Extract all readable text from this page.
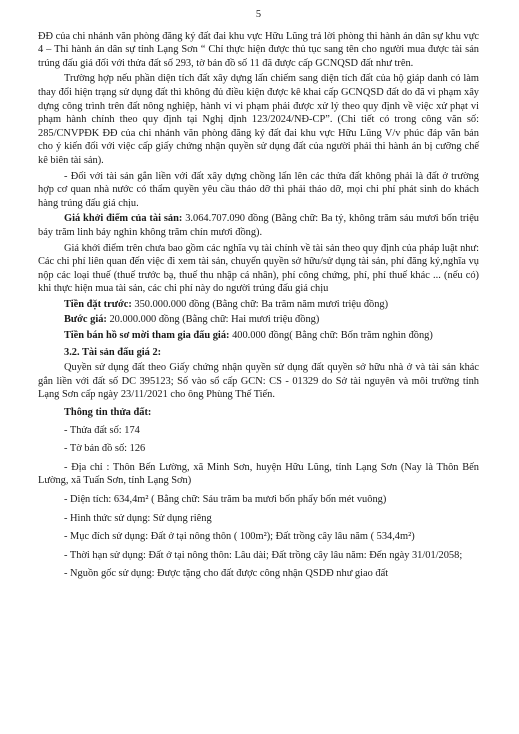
5

ĐĐ của chi nhánh văn phòng đăng ký đất đai khu vực Hữu Lũng trả lời phòng thi hành án dân sự khu vực 4 – Thi hành án dân sự tỉnh Lạng Sơn “ Chỉ thực hiện được thủ tục sang tên cho người mua được tài sản trúng đấu giá đối với thửa đất số 293, tờ bản đồ số 11 đã được cấp GCNQSD đất như trên.

Trường hợp nếu phần diện tích đất xây dựng lấn chiếm sang diện tích đất của hộ giáp danh có làm thay đổi hiện trạng sử dụng đất thì không đủ điều kiện được kê khai cấp GCNQSD đất do đã vi phạm xây dựng công trình trên đất nông nghiệp, hành vi vi phạm phải được xử lý theo quy định về việc xử phạt vi phạm hành chính theo quy định tại Nghị định 123/2024/NĐ-CP”. (Chi tiết có trong công văn số: 285/CNVPĐK ĐĐ của chi nhánh văn phòng đăng ký đất đai khu vực Hữu Lũng V/v phúc đáp văn bản cho ý kiến đối với việc cấp giấy chứng nhận quyền sử dụng đất của người phải thi hành án bị cưỡng chế kê biên tài sản).

- Đối với tài sản gắn liền với đất xây dựng chồng lấn lên các thửa đất không phải là đất ở trường hợp cơ quan nhà nước có thẩm quyền yêu cầu tháo dỡ thì phải tháo dỡ, mọi chi phí phát sinh do khách hàng trúng đấu giá chịu.

Giá khởi điểm của tài sản: 3.064.707.090 đồng (Bằng chữ: Ba tỷ, không trăm sáu mươi bốn triệu bảy trăm linh bảy nghìn không trăm chín mươi đồng).

Giá khởi điểm trên chưa bao gồm các nghĩa vụ tài chính về tài sản theo quy định của pháp luật như: Các chi phí liên quan đến việc đi xem tài sản, chuyển quyền sở hữu/sử dụng tài sản, phí đăng ký,nghĩa vụ nộp các loại thuế (thuế trước bạ, thuế thu nhập cá nhân), phí công chứng, phí, phí thuế khác ... (nếu có) khi thực hiện mua tài sản, các chi phí này do người trúng đấu giá chịu

Tiền đặt trước: 350.000.000 đồng (Bằng chữ: Ba trăm năm mươi triệu đồng)

Bước giá: 20.000.000 đồng (Bằng chữ: Hai mươi triệu đồng)

Tiền bán hồ sơ mời tham gia đấu giá: 400.000 đồng( Bằng chữ: Bốn trăm nghìn đồng)

3.2. Tài sản đấu giá 2:

Quyền sử dụng đất theo Giấy chứng nhận quyền sử dụng đất quyền sở hữu nhà ở và tài sản khác gắn liền với đất số DC 395123; Số vào sổ cấp GCN: CS - 01329 do Sở tài nguyên và môi trường tỉnh Lạng Sơn cấp ngày 23/11/2021 cho ông Phùng Thế Tiến.

Thông tin thửa đất:

- Thửa đất số: 174

- Tờ bản đồ số: 126

- Địa chỉ : Thôn Bến Lường, xã Minh Sơn, huyện Hữu Lũng, tỉnh Lạng Sơn (Nay là Thôn Bến Lường, xã Tuấn Sơn, tỉnh Lạng Sơn)

- Diện tích: 634,4m² ( Bằng chữ: Sáu trăm ba mươi bốn phẩy bốn mét vuông)

- Hình thức sử dụng: Sử dụng riêng

- Mục đích sử dụng: Đất ở tại nông thôn ( 100m²); Đất trồng cây lâu năm ( 534,4m²)

- Thời hạn sử dụng: Đất ở tại nông thôn: Lâu dài; Đất trồng cây lâu năm: Đến ngày 31/01/2058;

- Nguồn gốc sử dụng: Được tặng cho đất được công nhận QSDĐ như giao đất
